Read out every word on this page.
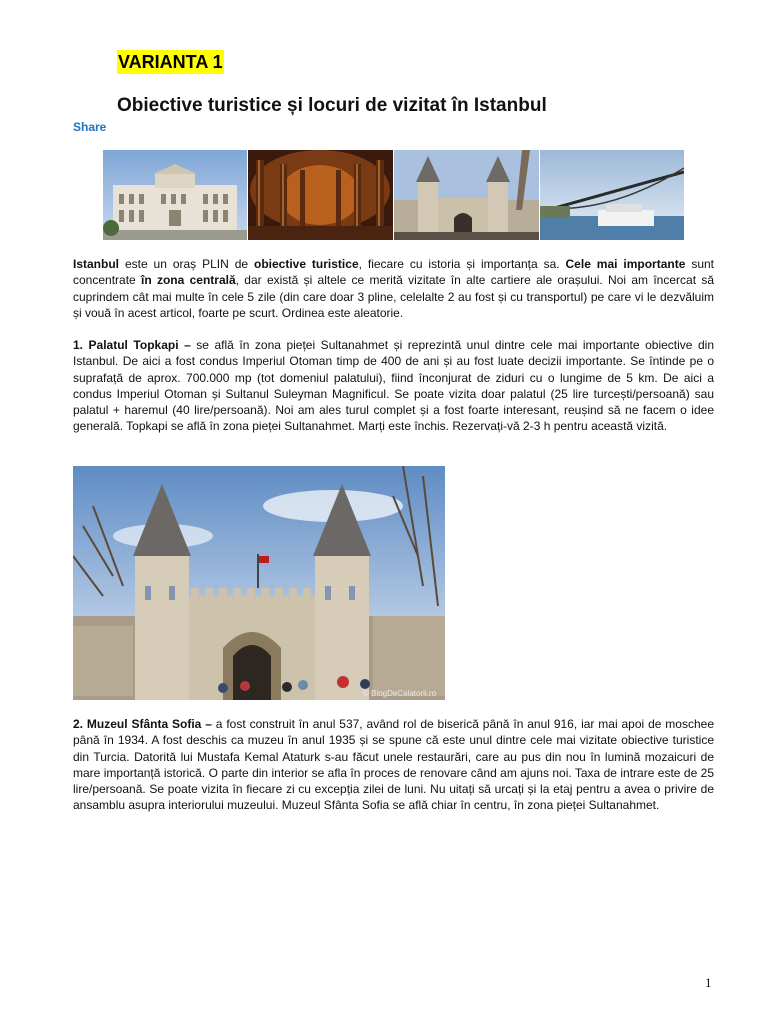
VARIANTA 1
Obiective turistice și locuri de vizitat în Istanbul
Share
Istanbul este un oraș PLIN de obiective turistice, fiecare cu istoria și importanța sa. Cele mai importante sunt concentrate în zona centrală, dar există și altele ce merită vizitate în alte cartiere ale orașului. Noi am încercat să cuprindem cât mai multe în cele 5 zile (din care doar 3 pline, celelalte 2 au fost și cu transportul) pe care vi le dezvăluim și vouă în acest articol, foarte pe scurt. Ordinea este aleatorie.
1. Palatul Topkapi – se află în zona pieței Sultanahmet și reprezintă unul dintre cele mai importante obiective din Istanbul. De aici a fost condus Imperiul Otoman timp de 400 de ani și au fost luate decizii importante. Se întinde pe o suprafață de aprox. 700.000 mp (tot domeniul palatului), fiind înconjurat de ziduri cu o lungime de 5 km. De aici a condus Imperiul Otoman și Sultanul Suleyman Magnificul. Se poate vizita doar palatul (25 lire turcești/persoană) sau palatul + haremul (40 lire/persoană). Noi am ales turul complet și a fost foarte interesant, reușind să ne facem o idee generală. Topkapi se află în zona pieței Sultanahmet. Marți este închis. Rezervați-vă 2-3 h pentru această vizită.
© BlogDeCalatorii.ro
2. Muzeul Sfânta Sofia – a fost construit în anul 537, având rol de biserică până în anul 916, iar mai apoi de moschee până în 1934. A fost deschis ca muzeu în anul 1935 și se spune că este unul dintre cele mai vizitate obiective turistice din Turcia. Datorită lui Mustafa Kemal Ataturk s-au făcut unele restaurări, care au pus din nou în lumină mozaicuri de mare importanță istorică. O parte din interior se afla în proces de renovare când am ajuns noi. Taxa de intrare este de 25 lire/persoană. Se poate vizita în fiecare zi cu excepția zilei de luni. Nu uitați să urcați și la etaj pentru a avea o privire de ansamblu asupra interiorului muzeului. Muzeul Sfânta Sofia se află chiar în centru, în zona pieței Sultanahmet.
1
